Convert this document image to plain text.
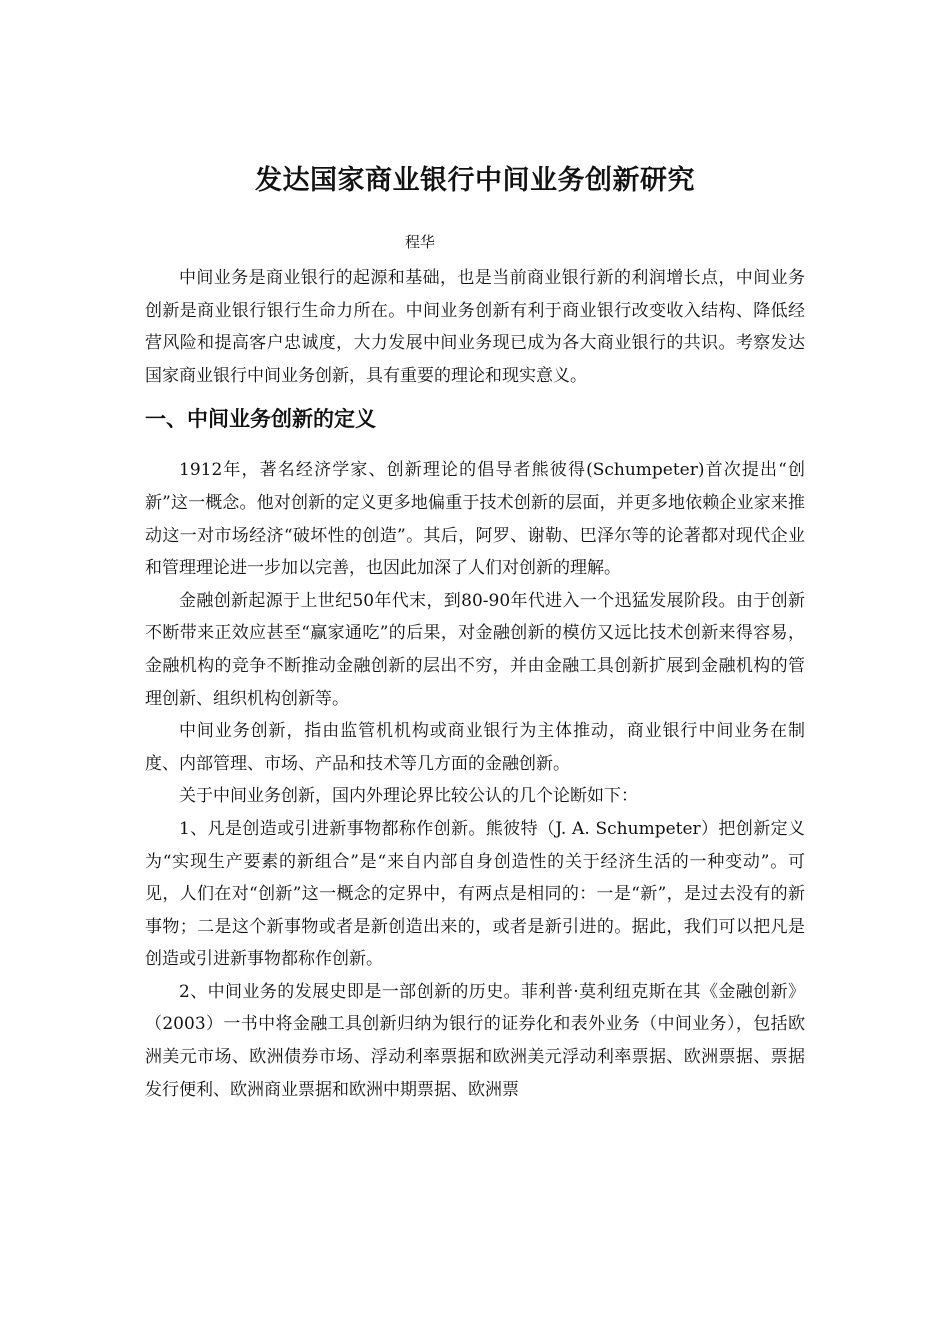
发达国家商业银行中间业务创新研究

程华

中间业务是商业银行的起源和基础，也是当前商业银行新的利润增长点，中间业务创新是商业银行银行生命力所在。中间业务创新有利于商业银行改变收入结构、降低经营风险和提高客户忠诚度，大力发展中间业务现已成为各大商业银行的共识。考察发达国家商业银行中间业务创新，具有重要的理论和现实意义。

一、中间业务创新的定义

1912年，著名经济学家、创新理论的倡导者熊彼得(Schumpeter)首次提出“创新”这一概念。他对创新的定义更多地偏重于技术创新的层面，并更多地依赖企业家来推动这一对市场经济“破坏性的创造”。其后，阿罗、谢勒、巴泽尔等的论著都对现代企业和管理理论进一步加以完善，也因此加深了人们对创新的理解。

金融创新起源于上世纪50年代末，到80-90年代进入一个迅猛发展阶段。由于创新不断带来正效应甚至“赢家通吃”的后果，对金融创新的模仿又远比技术创新来得容易，金融机构的竞争不断推动金融创新的层出不穷，并由金融工具创新扩展到金融机构的管理创新、组织机构创新等。

中间业务创新，指由监管机机构或商业银行为主体推动，商业银行中间业务在制度、内部管理、市场、产品和技术等几方面的金融创新。

关于中间业务创新，国内外理论界比较公认的几个论断如下：

1、凡是创造或引进新事物都称作创新。熊彼特（J. A. Schumpeter）把创新定义为“实现生产要素的新组合”是“来自内部自身创造性的关于经济生活的一种变动”。可见，人们在对“创新”这一概念的定界中，有两点是相同的：一是“新”，是过去没有的新事物；二是这个新事物或者是新创造出来的，或者是新引进的。据此，我们可以把凡是创造或引进新事物都称作创新。

2、中间业务的发展史即是一部创新的历史。菲利普·莫利纽克斯在其《金融创新》（2003）一书中将金融工具创新归纳为银行的证券化和表外业务（中间业务），包括欧洲美元市场、欧洲债券市场、浮动利率票据和欧洲美元浮动利率票据、欧洲票据、票据发行便利、欧洲商业票据和欧洲中期票据、欧洲票
